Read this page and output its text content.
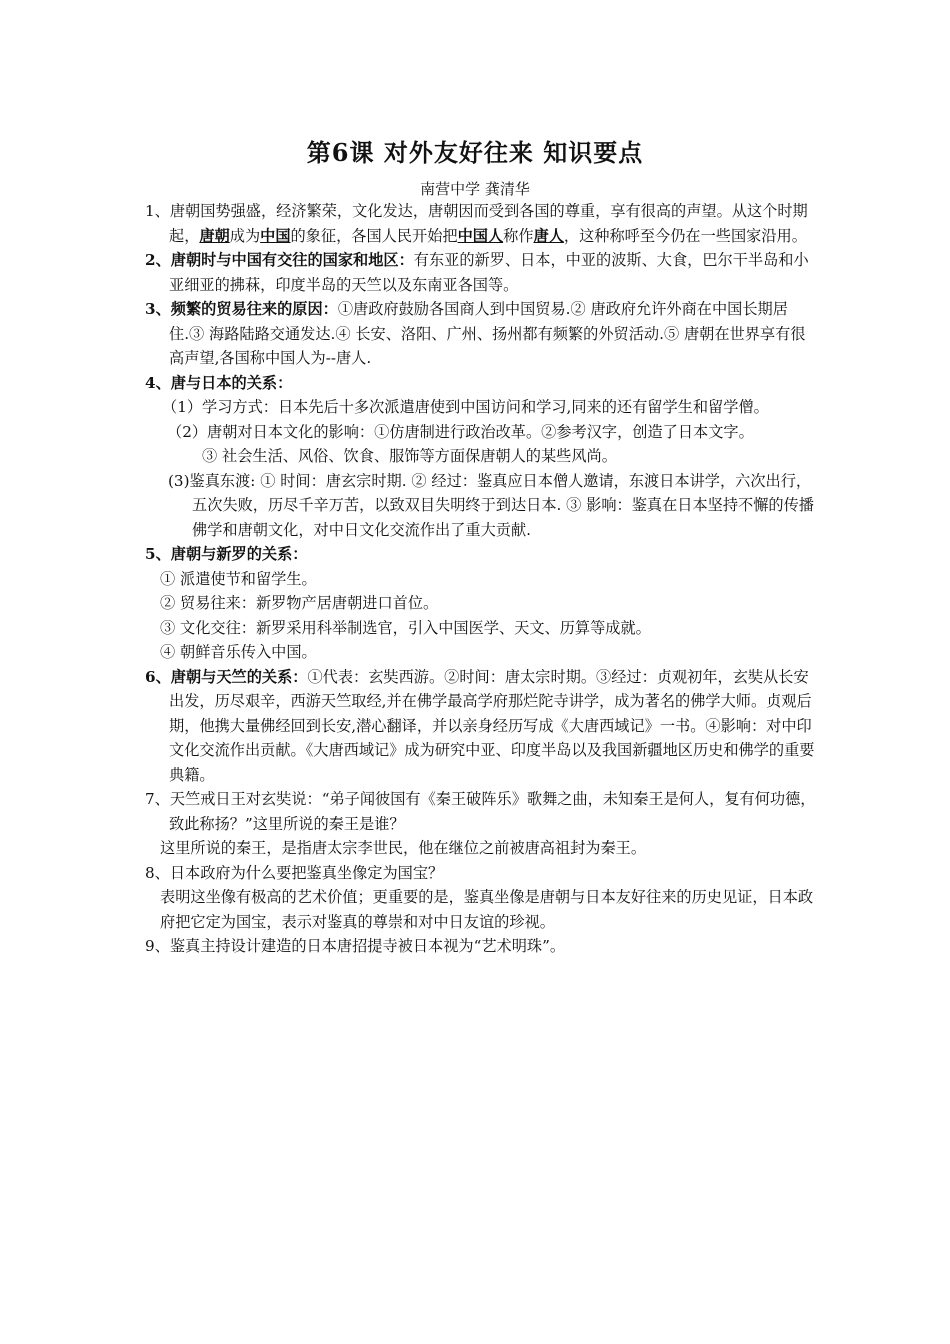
第6课 对外友好往来 知识要点
南营中学 龚清华

1、唐朝国势强盛，经济繁荣，文化发达，唐朝因而受到各国的尊重，享有很高的声望。从这个时期起，唐朝成为中国的象征，各国人民开始把中国人称作唐人，这种称呼至今仍在一些国家沿用。

2、唐朝时与中国有交往的国家和地区：有东亚的新罗、日本，中亚的波斯、大食，巴尔干半岛和小亚细亚的拂菻，印度半岛的天竺以及东南亚各国等。

3、频繁的贸易往来的原因：①唐政府鼓励各国商人到中国贸易.② 唐政府允许外商在中国长期居住.③ 海路陆路交通发达.④ 长安、洛阳、广州、扬州都有频繁的外贸活动.⑤ 唐朝在世界享有很高声望,各国称中国人为--唐人.

4、唐与日本的关系：

（1）学习方式：日本先后十多次派遣唐使到中国访问和学习,同来的还有留学生和留学僧。

（2）唐朝对日本文化的影响：①仿唐制进行政治改革。②参考汉字，创造了日本文字。

③ 社会生活、风俗、饮食、服饰等方面保唐朝人的某些风尚。

(3)鉴真东渡: ① 时间：唐玄宗时期. ② 经过：鉴真应日本僧人邀请，东渡日本讲学，六次出行，五次失败，历尽千辛万苦，以致双目失明终于到达日本. ③ 影响：鉴真在日本坚持不懈的传播佛学和唐朝文化，对中日文化交流作出了重大贡献.

5、唐朝与新罗的关系：

① 派遣使节和留学生。

② 贸易往来：新罗物产居唐朝进口首位。

③ 文化交往：新罗采用科举制选官，引入中国医学、天文、历算等成就。

④ 朝鲜音乐传入中国。

6、唐朝与天竺的关系：①代表：玄奘西游。②时间：唐太宗时期。③经过：贞观初年，玄奘从长安出发，历尽艰辛，西游天竺取经,并在佛学最高学府那烂陀寺讲学，成为著名的佛学大师。贞观后期，他携大量佛经回到长安,潜心翻译，并以亲身经历写成《大唐西域记》一书。④影响：对中印文化交流作出贡献。《大唐西域记》成为研究中亚、印度半岛以及我国新疆地区历史和佛学的重要典籍。

7、天竺戒日王对玄奘说：“弟子闻彼国有《秦王破阵乐》歌舞之曲，未知秦王是何人，复有何功德，致此称扬？”这里所说的秦王是谁？

这里所说的秦王，是指唐太宗李世民，他在继位之前被唐高祖封为秦王。

8、日本政府为什么要把鉴真坐像定为国宝？

表明这坐像有极高的艺术价值；更重要的是，鉴真坐像是唐朝与日本友好往来的历史见证，日本政府把它定为国宝，表示对鉴真的尊崇和对中日友谊的珍视。

9、鉴真主持设计建造的日本唐招提寺被日本视为“艺术明珠”。
